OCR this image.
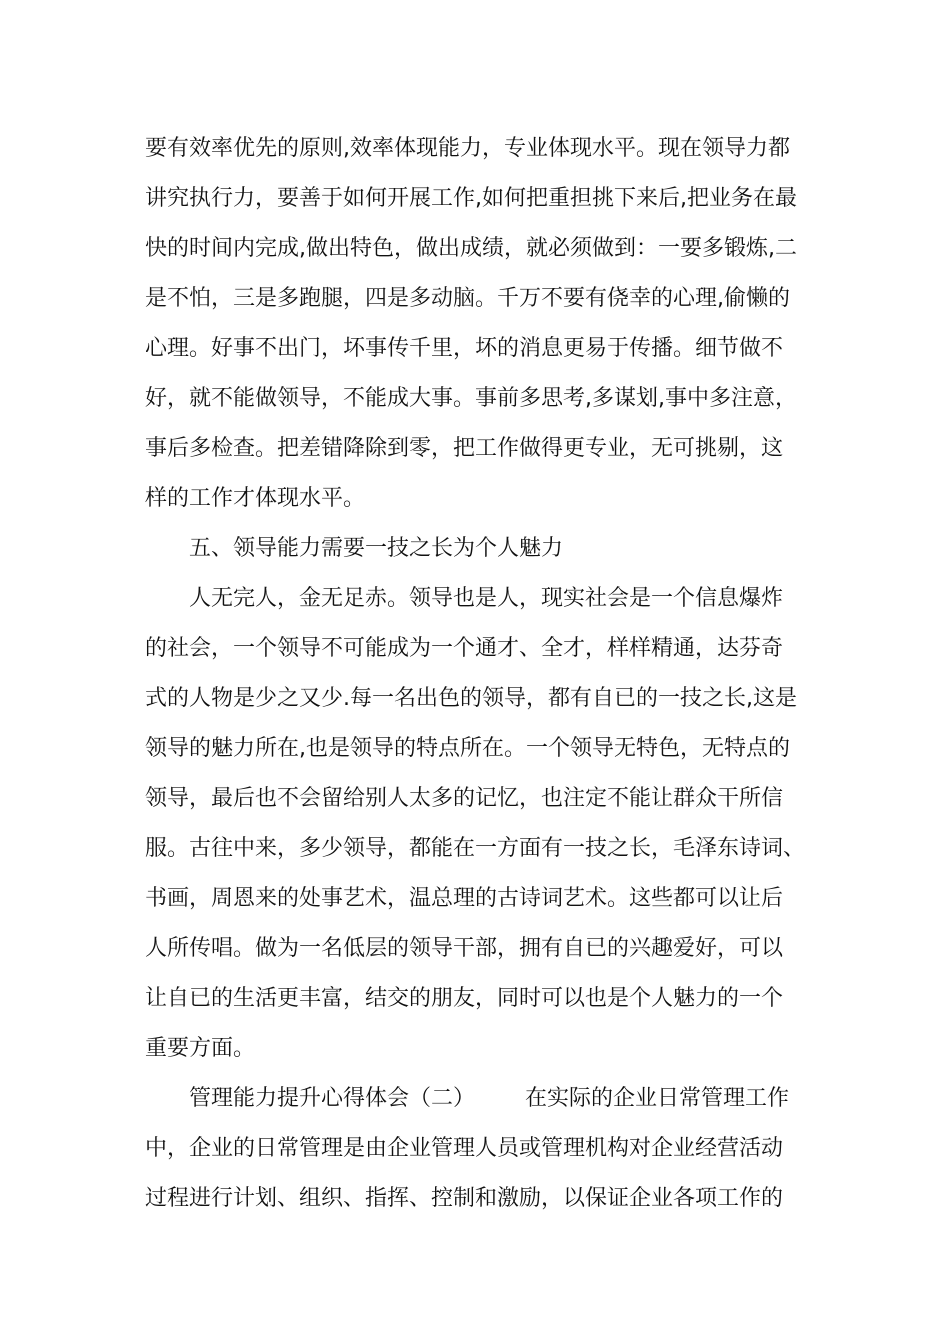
要有效率优先的原则,效率体现能力，专业体现水平。现在领导力都
讲究执行力，要善于如何开展工作,如何把重担挑下来后,把业务在最
快的时间内完成,做出特色，做出成绩，就必须做到：一要多锻炼,二
是不怕，三是多跑腿，四是多动脑。千万不要有侥幸的心理,偷懒的
心理。好事不出门，坏事传千里，坏的消息更易于传播。细节做不
好，就不能做领导，不能成大事。事前多思考,多谋划,事中多注意，
事后多检查。把差错降除到零，把工作做得更专业，无可挑剔，这
样的工作才体现水平。
五、领导能力需要一技之长为个人魅力
人无完人，金无足赤。领导也是人，现实社会是一个信息爆炸
的社会，一个领导不可能成为一个通才、全才，样样精通，达芬奇
式的人物是少之又少.每一名出色的领导，都有自已的一技之长,这是
领导的魅力所在,也是领导的特点所在。一个领导无特色，无特点的
领导，最后也不会留给别人太多的记忆，也注定不能让群众干所信
服。古往中来，多少领导，都能在一方面有一技之长，毛泽东诗词、
书画，周恩来的处事艺术，温总理的古诗词艺术。这些都可以让后
人所传唱。做为一名低层的领导干部，拥有自已的兴趣爱好，可以
让自已的生活更丰富，结交的朋友，同时可以也是个人魅力的一个
重要方面。
管理能力提升心得体会（二） 在实际的企业日常管理工作
中，企业的日常管理是由企业管理人员或管理机构对企业经营活动
过程进行计划、组织、指挥、控制和激励，以保证企业各项工作的
